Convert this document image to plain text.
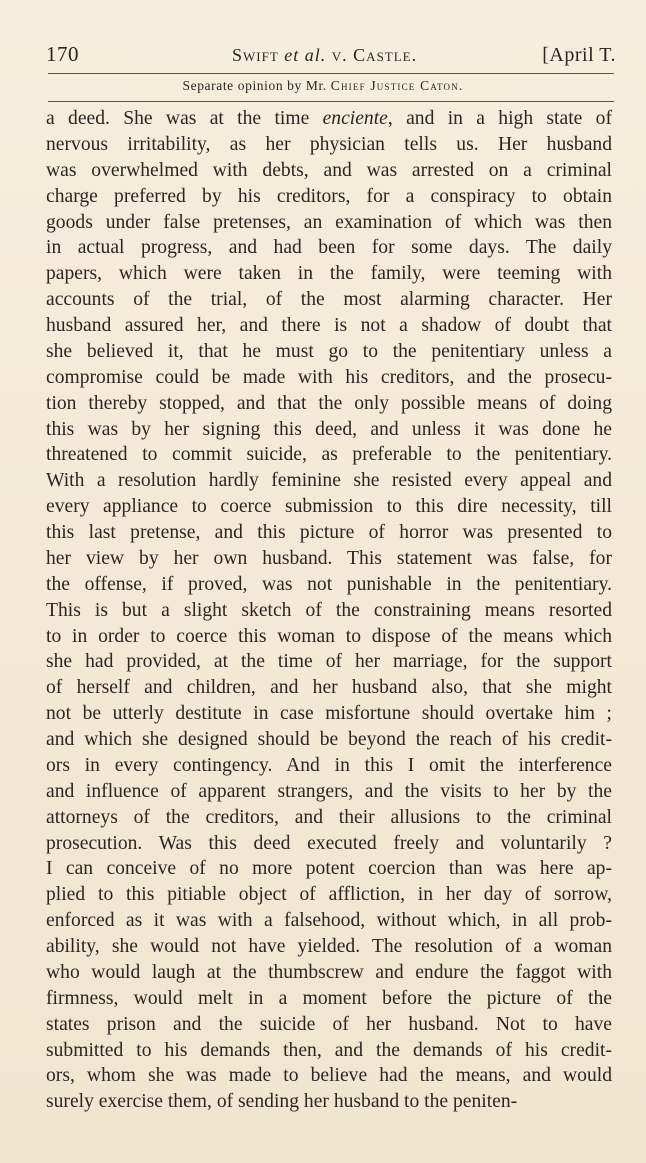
170	Swift et al. v. Castle.	[April T.
Separate opinion by Mr. Chief Justice Caton.
a deed. She was at the time enciente, and in a high state of
nervous irritability, as her physician tells us. Her husband
was overwhelmed with debts, and was arrested on a criminal
charge preferred by his creditors, for a conspiracy to obtain
goods under false pretenses, an examination of which was then
in actual progress, and had been for some days. The daily
papers, which were taken in the family, were teeming with
accounts of the trial, of the most alarming character. Her
husband assured her, and there is not a shadow of doubt that
she believed it, that he must go to the penitentiary unless a
compromise could be made with his creditors, and the prosecu-
tion thereby stopped, and that the only possible means of doing
this was by her signing this deed, and unless it was done he
threatened to commit suicide, as preferable to the penitentiary.
With a resolution hardly feminine she resisted every appeal and
every appliance to coerce submission to this dire necessity, till
this last pretense, and this picture of horror was presented to
her view by her own husband. This statement was false, for
the offense, if proved, was not punishable in the penitentiary.
This is but a slight sketch of the constraining means resorted
to in order to coerce this woman to dispose of the means which
she had provided, at the time of her marriage, for the support
of herself and children, and her husband also, that she might
not be utterly destitute in case misfortune should overtake him ;
and which she designed should be beyond the reach of his credit-
ors in every contingency. And in this I omit the interference
and influence of apparent strangers, and the visits to her by the
attorneys of the creditors, and their allusions to the criminal
prosecution. Was this deed executed freely and voluntarily ?
I can conceive of no more potent coercion than was here ap-
plied to this pitiable object of affliction, in her day of sorrow,
enforced as it was with a falsehood, without which, in all prob-
ability, she would not have yielded. The resolution of a woman
who would laugh at the thumbscrew and endure the faggot with
firmness, would melt in a moment before the picture of the
states prison and the suicide of her husband. Not to have
submitted to his demands then, and the demands of his credit-
ors, whom she was made to believe had the means, and would
surely exercise them, of sending her husband to the peniten-
